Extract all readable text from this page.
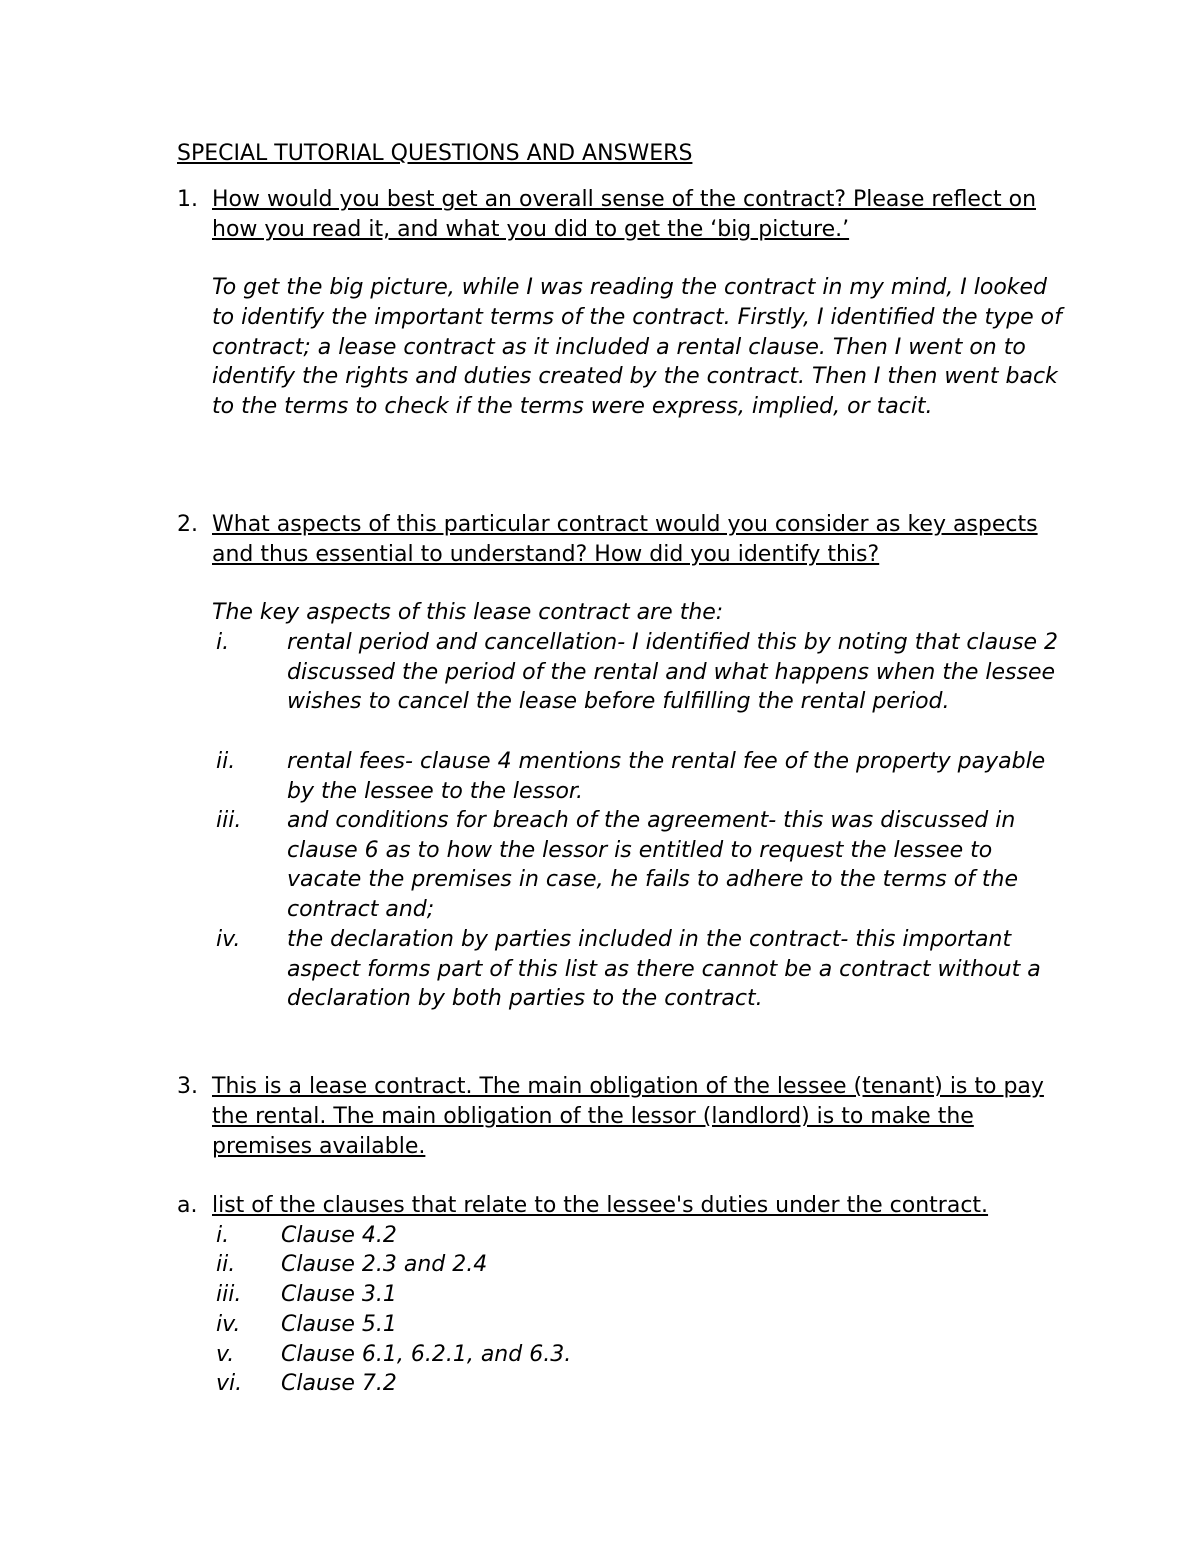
SPECIAL TUTORIAL QUESTIONS AND ANSWERS
1. How would you best get an overall sense of the contract? Please reflect on how you read it, and what you did to get the ‘big picture.’
To get the big picture, while I was reading the contract in my mind, I looked to identify the important terms of the contract. Firstly, I identified the type of contract; a lease contract as it included a rental clause. Then I went on to identify the rights and duties created by the contract. Then I then went back to the terms to check if the terms were express, implied, or tacit.
2. What aspects of this particular contract would you consider as key aspects and thus essential to understand? How did you identify this?
The key aspects of this lease contract are the:
i.	rental period and cancellation- I identified this by noting that clause 2 discussed the period of the rental and what happens when the lessee wishes to cancel the lease before fulfilling the rental period.
ii. rental fees- clause 4 mentions the rental fee of the property payable by the lessee to the lessor.
iii. and conditions for breach of the agreement- this was discussed in clause 6 as to how the lessor is entitled to request the lessee to vacate the premises in case, he fails to adhere to the terms of the contract and;
iv. the declaration by parties included in the contract- this important aspect forms part of this list as there cannot be a contract without a declaration by both parties to the contract.
3. This is a lease contract. The main obligation of the lessee (tenant) is to pay the rental. The main obligation of the lessor (landlord) is to make the premises available.
a. list of the clauses that relate to the lessee's duties under the contract.
i. Clause 4.2
ii. Clause 2.3 and 2.4
iii. Clause 3.1
iv. Clause 5.1
v. Clause 6.1, 6.2.1, and 6.3.
vi. Clause 7.2
